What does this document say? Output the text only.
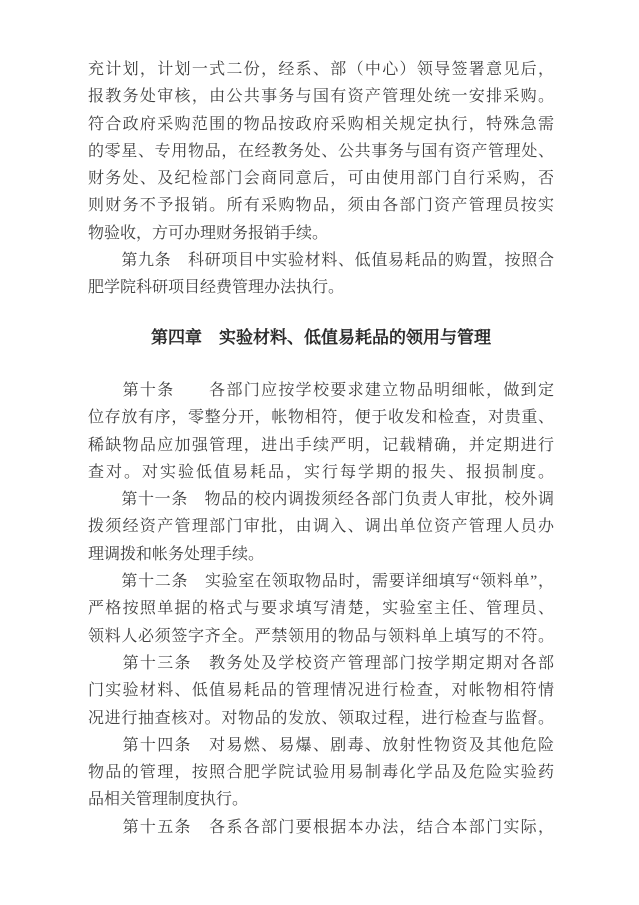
充计划，计划一式二份，经系、部（中心）领导签署意见后，
报教务处审核，由公共事务与国有资产管理处统一安排采购。
符合政府采购范围的物品按政府采购相关规定执行，特殊急需
的零星、专用物品，在经教务处、公共事务与国有资产管理处、
财务处、及纪检部门会商同意后，可由使用部门自行采购，否
则财务不予报销。所有采购物品，须由各部门资产管理员按实
物验收，方可办理财务报销手续。
　　第九条　科研项目中实验材料、低值易耗品的购置，按照合
肥学院科研项目经费管理办法执行。
第四章　实验材料、低值易耗品的领用与管理
　　第十条　　各部门应按学校要求建立物品明细帐，做到定
位存放有序，零整分开，帐物相符，便于收发和检查，对贵重、
稀缺物品应加强管理，进出手续严明，记载精确，并定期进行
查对。对实验低值易耗品，实行每学期的报失、报损制度。
　　第十一条　物品的校内调拨须经各部门负责人审批，校外调
拨须经资产管理部门审批，由调入、调出单位资产管理人员办
理调拨和帐务处理手续。
　　第十二条　实验室在领取物品时，需要详细填写“领料单”，
严格按照单据的格式与要求填写清楚，实验室主任、管理员、
领料人必须签字齐全。严禁领用的物品与领料单上填写的不符。
　　第十三条　教务处及学校资产管理部门按学期定期对各部
门实验材料、低值易耗品的管理情况进行检查，对帐物相符情
况进行抽查核对。对物品的发放、领取过程，进行检查与监督。
　　第十四条　对易燃、易爆、剧毒、放射性物资及其他危险
物品的管理，按照合肥学院试验用易制毒化学品及危险实验药
品相关管理制度执行。
　　第十五条　各系各部门要根据本办法，结合本部门实际，
